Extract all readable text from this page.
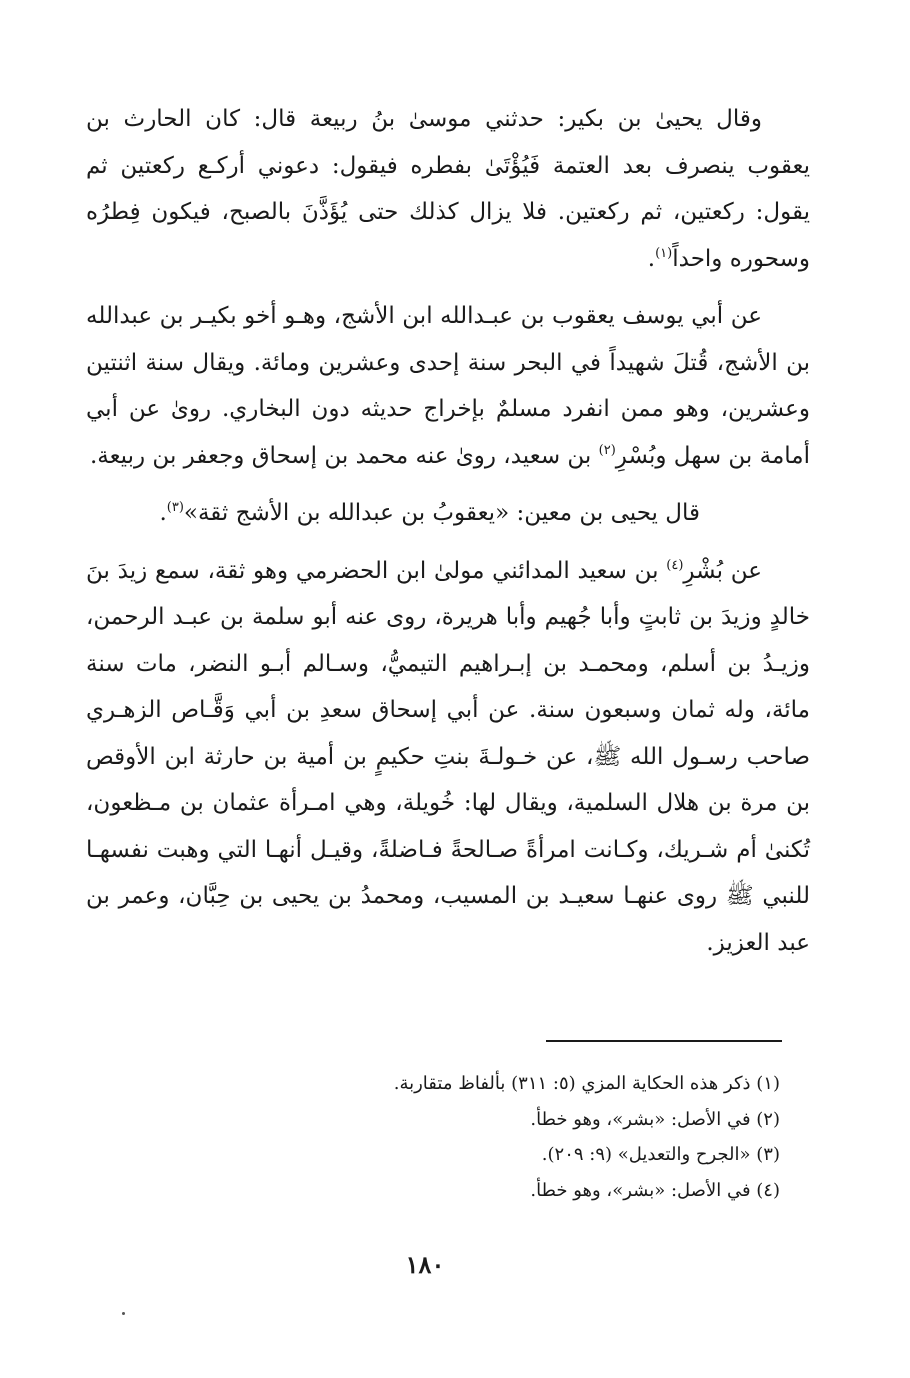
وقال يحيىٰ بن بكير: حدثني موسىٰ بنُ ربيعة قال: كان الحارث بن يعقوب ينصرف بعد العتمة فَيُؤْتَىٰ بفطره فيقول: دعوني أركـع ركعتين ثم يقول: ركعتين، ثم ركعتين. فلا يزال كذلك حتى يُؤَذَّنَ بالصبح، فيكون فِطرُه وسحوره واحداً$^{(١)}$.

عن أبي يوسف يعقوب بن عبـدالله ابن الأشج، وهـو أخو بكيـر بن عبدالله بن الأشج، قُتلَ شهيداً في البحر سنة إحدى وعشرين ومائة. ويقال سنة اثنتين وعشرين، وهو ممن انفرد مسلمٌ بإخراج حديثه دون البخاري. روىٰ عن أبي أمامة بن سهل وبُسْرِ$^{(٢)}$ بن سعيد، روىٰ عنه محمد بن إسحاق وجعفر بن ربيعة.

قال يحيى بن معين: «يعقوبُ بن عبدالله بن الأشج ثقة»$^{(٣)}$.

عن بُشْرِ$^{(٤)}$ بن سعيد المدائني مولىٰ ابن الحضرمي وهو ثقة، سمع زيدَ بنَ خالدٍ وزيدَ بن ثابتٍ وأبا جُهيم وأبا هريرة، روى عنه أبو سلمة بن عبـد الرحمن، وزيـدُ بن أسلم، ومحمـد بن إبـراهيم التيميُّ، وسـالم أبـو النضر، مات سنة مائة، وله ثمان وسبعون سنة. عن أبي إسحاق سعدِ بن أبي وَقَّـاص الزهـري صاحب رسـول الله ﷺ، عن خـولـةَ بنتِ حكيمٍ بن أمية بن حارثة ابن الأوقص بن مرة بن هلال السلمية، ويقال لها: خُويلة، وهي امـرأة عثمان بن مـظعون، تُكنىٰ أم شـريك، وكـانت امرأةً صـالحةً فـاضلةً، وقيـل أنهـا التي وهبت نفسهـا للنبي ﷺ روى عنهـا سعيـد بن المسيب، ومحمدُ بن يحيى بن حِبَّان، وعمر بن عبد العزيز.

(١) ذكر هذه الحكاية المزي (٥: ٣١١) بألفاظ متقاربة.

(٢) في الأصل: «بشر»، وهو خطأ.

(٣) «الجرح والتعديل» (٩: ٢٠٩).

(٤) في الأصل: «بشر»، وهو خطأ.

١٨٠
